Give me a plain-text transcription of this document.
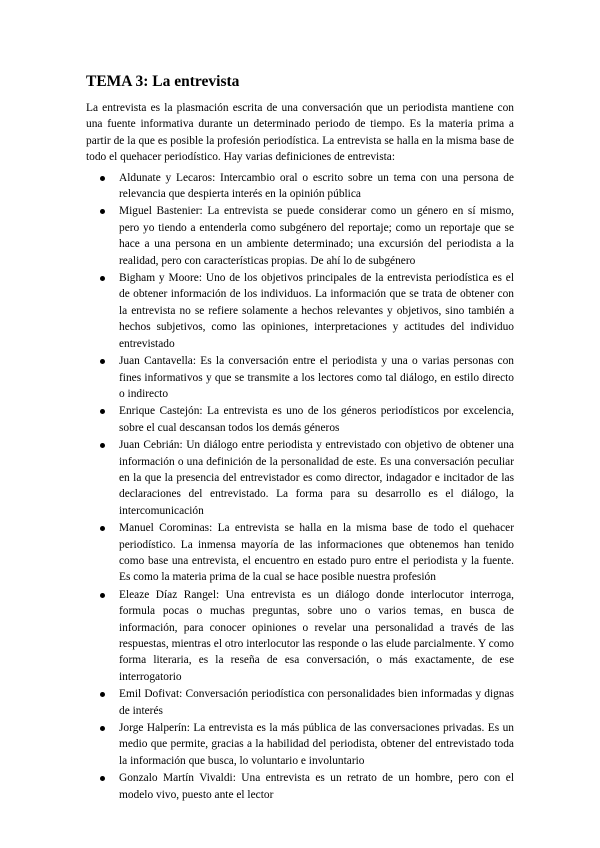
TEMA 3: La entrevista

La entrevista es la plasmación escrita de una conversación que un periodista mantiene con una fuente informativa durante un determinado periodo de tiempo. Es la materia prima a partir de la que es posible la profesión periodística. La entrevista se halla en la misma base de todo el quehacer periodístico. Hay varias definiciones de entrevista:

Aldunate y Lecaros: Intercambio oral o escrito sobre un tema con una persona de relevancia que despierta interés en la opinión pública
Miguel Bastenier: La entrevista se puede considerar como un género en sí mismo, pero yo tiendo a entenderla como subgénero del reportaje; como un reportaje que se hace a una persona en un ambiente determinado; una excursión del periodista a la realidad, pero con características propias. De ahí lo de subgénero
Bigham y Moore: Uno de los objetivos principales de la entrevista periodística es el de obtener información de los individuos. La información que se trata de obtener con la entrevista no se refiere solamente a hechos relevantes y objetivos, sino también a hechos subjetivos, como las opiniones, interpretaciones y actitudes del individuo entrevistado
Juan Cantavella: Es la conversación entre el periodista y una o varias personas con fines informativos y que se transmite a los lectores como tal diálogo, en estilo directo o indirecto
Enrique Castejón: La entrevista es uno de los géneros periodísticos por excelencia, sobre el cual descansan todos los demás géneros
Juan Cebrián: Un diálogo entre periodista y entrevistado con objetivo de obtener una información o una definición de la personalidad de este. Es una conversación peculiar en la que la presencia del entrevistador es como director, indagador e incitador de las declaraciones del entrevistado. La forma para su desarrollo es el diálogo, la intercomunicación
Manuel Corominas: La entrevista se halla en la misma base de todo el quehacer periodístico. La inmensa mayoría de las informaciones que obtenemos han tenido como base una entrevista, el encuentro en estado puro entre el periodista y la fuente. Es como la materia prima de la cual se hace posible nuestra profesión
Eleaze Díaz Rangel: Una entrevista es un diálogo donde interlocutor interroga, formula pocas o muchas preguntas, sobre uno o varios temas, en busca de información, para conocer opiniones o revelar una personalidad a través de las respuestas, mientras el otro interlocutor las responde o las elude parcialmente. Y como forma literaria, es la reseña de esa conversación, o más exactamente, de ese interrogatorio
Emil Dofivat: Conversación periodística con personalidades bien informadas y dignas de interés
Jorge Halperín: La entrevista es la más pública de las conversaciones privadas. Es un medio que permite, gracias a la habilidad del periodista, obtener del entrevistado toda la información que busca, lo voluntario e involuntario
Gonzalo Martín Vivaldi: Una entrevista es un retrato de un hombre, pero con el modelo vivo, puesto ante el lector
